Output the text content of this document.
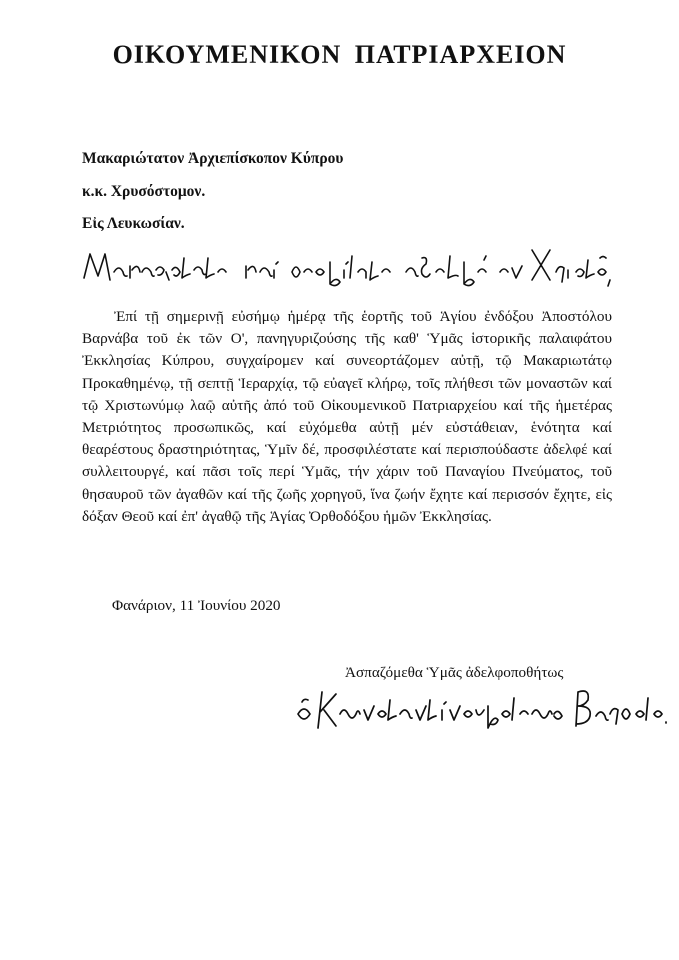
ΟΙΚΟΥΜΕΝΙΚΟΝ ΠΑΤΡΙΑΡΧΕΙΟΝ
Μακαριώτατον Ἀρχιεπίσκοπον Κύπρου
κ.κ. Χρυσόστομον.
Εἰς Λευκωσίαν.
Ἐπί τῇ σημερινῇ εὐσήμῳ ἡμέρᾳ τῆς ἑορτῆς τοῦ Ἁγίου ἐνδόξου Ἀποστόλου Βαρνάβα τοῦ ἐκ τῶν Ο', πανηγυριζούσης τῆς καθ' Ὑμᾶς ἱστορικῆς παλαιφάτου Ἐκκλησίας Κύπρου, συγχαίρομεν καί συνεορτάζομεν αὐτῇ, τῷ Μακαριωτάτῳ Προκαθημένῳ, τῇ σεπτῇ Ἱεραρχίᾳ, τῷ εὐαγεῖ κλήρῳ, τοῖς πλήθεσι τῶν μοναστῶν καί τῷ Χριστωνύμῳ λαῷ αὐτῆς ἀπό τοῦ Οἰκουμενικοῦ Πατριαρχείου καί τῆς ἡμετέρας Μετριότητος προσωπικῶς, καί εὐχόμεθα αὐτῇ μέν εὐστάθειαν, ἑνότητα καί θεαρέστους δραστηριότητας, Ὑμῖν δέ, προσφιλέστατε καί περισπούδαστε ἀδελφέ καί συλλειτουργέ, καί πᾶσι τοῖς περί Ὑμᾶς, τήν χάριν τοῦ Παναγίου Πνεύματος, τοῦ θησαυροῦ τῶν ἀγαθῶν καί τῆς ζωῆς χορηγοῦ, ἵνα ζωήν ἔχητε καί περισσόν ἔχητε, εἰς δόξαν Θεοῦ καί ἐπ' ἀγαθῷ τῆς Ἁγίας Ὀρθοδόξου ἡμῶν Ἐκκλησίας.
Φανάριον, 11 Ἰουνίου 2020
Ἀσπαζόμεθα Ὑμᾶς ἀδελφοποθήτως
